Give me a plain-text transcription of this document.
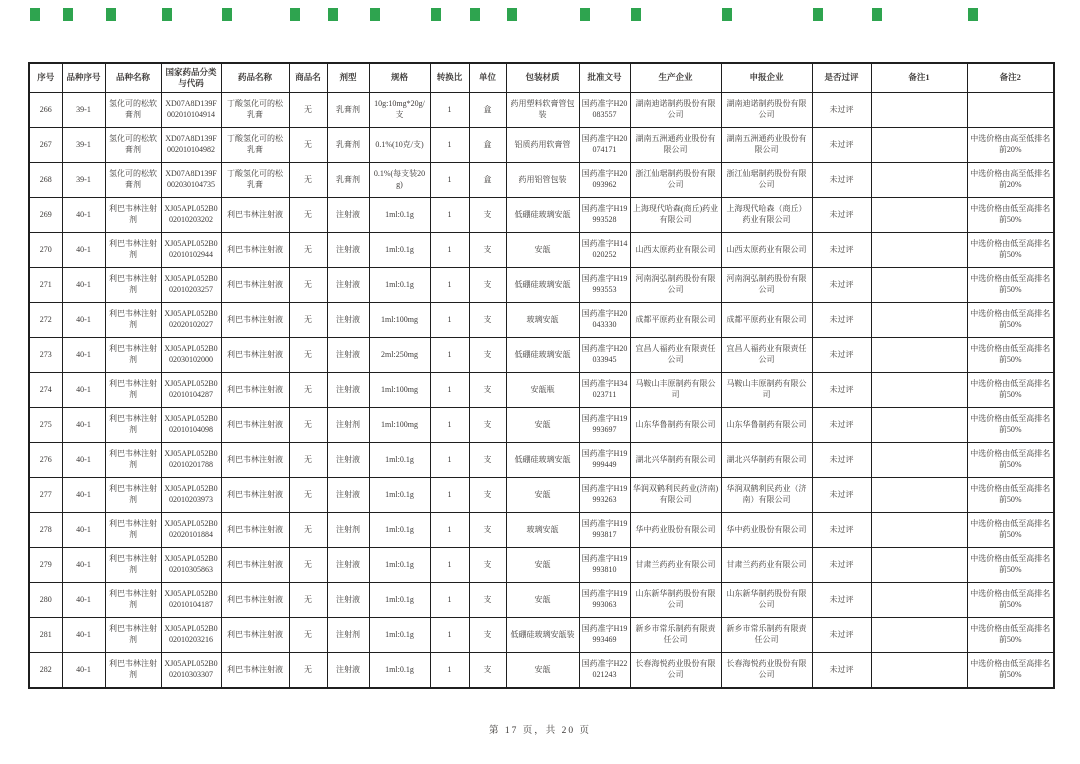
序号	品种序号	品种名称	国家药品分类与代码	药品名称	商品名	剂型	规格	转换比	单位	包装材质	批准文号	生产企业	申报企业	是否过评	备注1	备注2
266	39-1	氢化可的松软膏剂	XD07A8D139F002010104914	丁酸氢化可的松乳膏	无	乳膏剂	10g:10mg*20g/支	1	盒	药用塑料软膏管包装	国药准字H20083557	湖南迪诺制药股份有限公司	湖南迪诺制药股份有限公司	未过评		
267	39-1	氢化可的松软膏剂	XD07A8D139F002010104982	丁酸氢化可的松乳膏	无	乳膏剂	0.1%(10克/支)	1	盒	铝质药用软膏管	国药准字H20074171	湖南五洲通药业股份有限公司	湖南五洲通药业股份有限公司	未过评		中选价格由高至低排名前20%
268	39-1	氢化可的松软膏剂	XD07A8D139F002030104735	丁酸氢化可的松乳膏	无	乳膏剂	0.1%(每支装20g)	1	盒	药用铝管包装	国药准字H20093962	浙江仙琚制药股份有限公司	浙江仙琚制药股份有限公司	未过评		中选价格由高至低排名前20%
269	40-1	利巴韦林注射剂	XJ05APL052B002010203202	利巴韦林注射液	无	注射液	1ml:0.1g	1	支	低硼硅玻璃安瓿	国药准字H19993528	上海现代哈森(商丘)药业有限公司	上海现代哈森（商丘）药业有限公司	未过评		中选价格由低至高排名前50%
270	40-1	利巴韦林注射剂	XJ05APL052B002010102944	利巴韦林注射液	无	注射液	1ml:0.1g	1	支	安瓿	国药准字H14020252	山西太原药业有限公司	山西太原药业有限公司	未过评		中选价格由低至高排名前50%
271	40-1	利巴韦林注射剂	XJ05APL052B002010203257	利巴韦林注射液	无	注射液	1ml:0.1g	1	支	低硼硅玻璃安瓿	国药准字H19993553	河南润弘制药股份有限公司	河南润弘制药股份有限公司	未过评		中选价格由低至高排名前50%
272	40-1	利巴韦林注射剂	XJ05APL052B002020102027	利巴韦林注射液	无	注射液	1ml:100mg	1	支	玻璃安瓿	国药准字H20043330	成都平原药业有限公司	成都平原药业有限公司	未过评		中选价格由低至高排名前50%
273	40-1	利巴韦林注射剂	XJ05APL052B002030102000	利巴韦林注射液	无	注射液	2ml:250mg	1	支	低硼硅玻璃安瓿	国药准字H20033945	宜昌人福药业有限责任公司	宜昌人福药业有限责任公司	未过评		中选价格由低至高排名前50%
274	40-1	利巴韦林注射剂	XJ05APL052B002010104287	利巴韦林注射液	无	注射液	1ml:100mg	1	支	安瓿瓶	国药准字H34023711	马鞍山丰原制药有限公司	马鞍山丰原制药有限公司	未过评		中选价格由低至高排名前50%
275	40-1	利巴韦林注射剂	XJ05APL052B002010104098	利巴韦林注射液	无	注射剂	1ml:100mg	1	支	安瓿	国药准字H19993697	山东华鲁制药有限公司	山东华鲁制药有限公司	未过评		中选价格由低至高排名前50%
276	40-1	利巴韦林注射剂	XJ05APL052B002010201788	利巴韦林注射液	无	注射液	1ml:0.1g	1	支	低硼硅玻璃安瓿	国药准字H19999449	湖北兴华制药有限公司	湖北兴华制药有限公司	未过评		中选价格由低至高排名前50%
277	40-1	利巴韦林注射剂	XJ05APL052B002010203973	利巴韦林注射液	无	注射液	1ml:0.1g	1	支	安瓿	国药准字H19993263	华润双鹤利民药业(济南)有限公司	华润双鹤利民药业（济南）有限公司	未过评		中选价格由低至高排名前50%
278	40-1	利巴韦林注射剂	XJ05APL052B002020101884	利巴韦林注射液	无	注射剂	1ml:0.1g	1	支	玻璃安瓿	国药准字H19993817	华中药业股份有限公司	华中药业股份有限公司	未过评		中选价格由低至高排名前50%
279	40-1	利巴韦林注射剂	XJ05APL052B002010305863	利巴韦林注射液	无	注射液	1ml:0.1g	1	支	安瓿	国药准字H19993810	甘肃兰药药业有限公司	甘肃兰药药业有限公司	未过评		中选价格由低至高排名前50%
280	40-1	利巴韦林注射剂	XJ05APL052B002010104187	利巴韦林注射液	无	注射液	1ml:0.1g	1	支	安瓿	国药准字H19993063	山东新华制药股份有限公司	山东新华制药股份有限公司	未过评		中选价格由低至高排名前50%
281	40-1	利巴韦林注射剂	XJ05APL052B002010203216	利巴韦林注射液	无	注射剂	1ml:0.1g	1	支	低硼硅玻璃安瓿装	国药准字H19993469	新乡市常乐制药有限责任公司	新乡市常乐制药有限责任公司	未过评		中选价格由低至高排名前50%
282	40-1	利巴韦林注射剂	XJ05APL052B002010303307	利巴韦林注射液	无	注射液	1ml:0.1g	1	支	安瓿	国药准字H22021243	长春海悦药业股份有限公司	长春海悦药业股份有限公司	未过评		中选价格由低至高排名前50%
第 17 页，共 20 页
